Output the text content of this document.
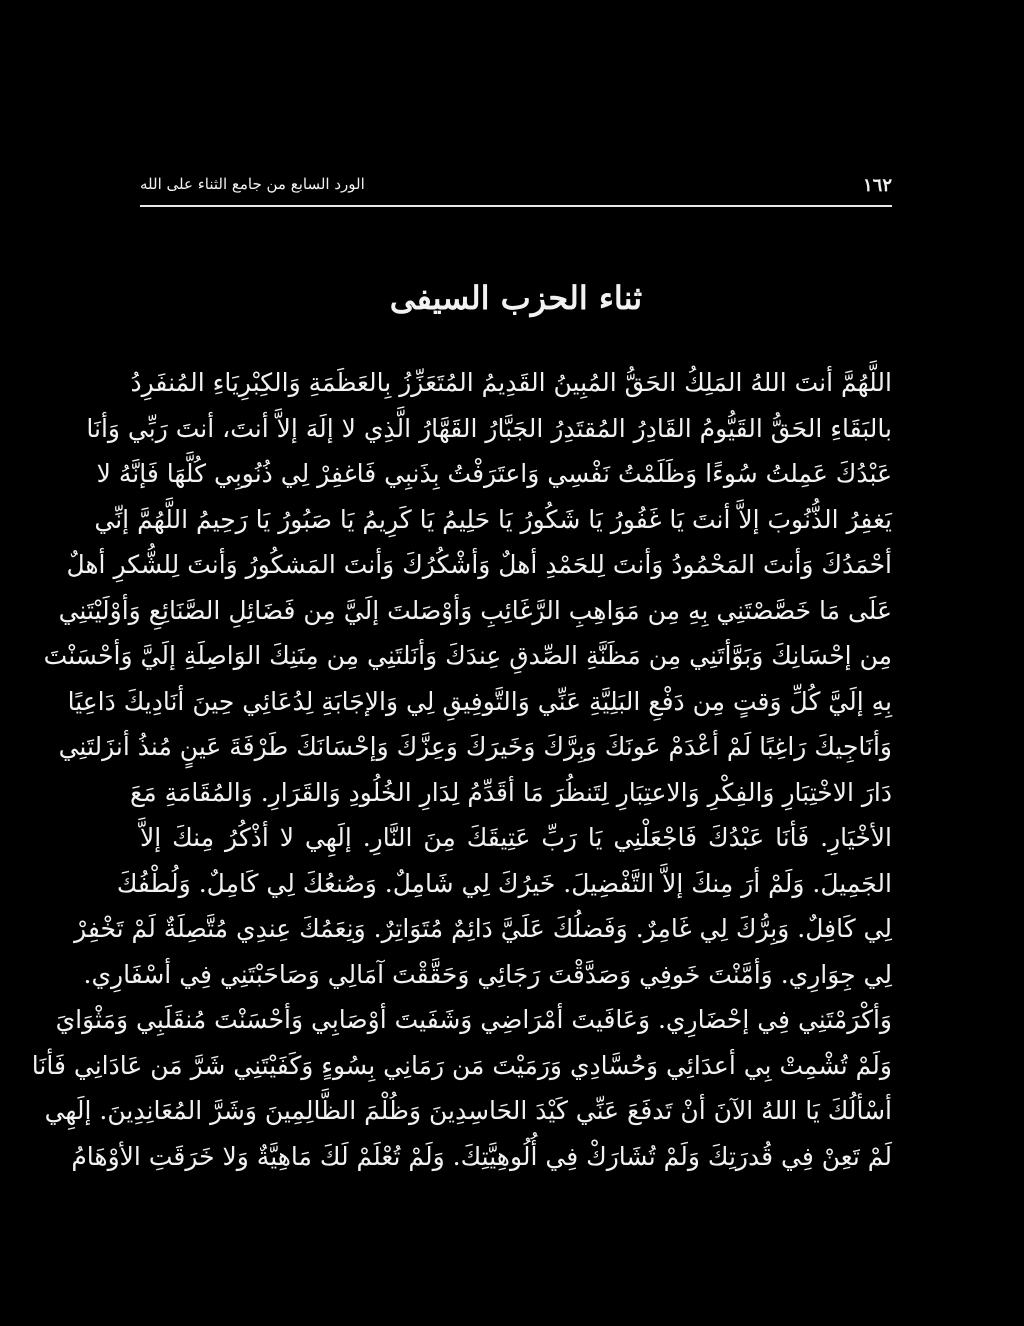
الورد السابع من جامع الثناء على الله	١٦٢
ثناء الحزب السيفى
اللَّهُمَّ أنتَ اللهُ المَلِكُ الحَقُّ المُبِينُ القَدِيمُ المُتَعَزِّزُ بِالعَظَمَةِ وَالكِبْرِيَاءِ المُنفَرِدُ
بالبَقَاءِ الحَقُّ القَيُّومُ القَادِرُ المُقتَدِرُ الجَبَّارُ القَهَّارُ الَّذِي لا إلَهَ إلاَّ أنتَ، أنتَ رَبِّي وَأنَا
عَبْدُكَ عَمِلتُ سُوءًا وَظَلَمْتُ نَفْسِي وَاعتَرَفْتُ بِذَنبِي فَاغفِرْ لِي ذُنُوبِي كُلَّهَا فَإنَّهُ لا
يَغفِرُ الذُّنُوبَ إلاَّ أنتَ يَا غَفُورُ يَا شَكُورُ يَا حَلِيمُ يَا كَرِيمُ يَا صَبُورُ يَا رَحِيمُ اللَّهُمَّ إنِّي
أحْمَدُكَ وَأنتَ المَحْمُودُ وَأنتَ لِلحَمْدِ أهلٌ وَأشْكُرُكَ وَأنتَ المَشكُورُ وَأنتَ لِلشُّكرِ أهلٌ
عَلَى مَا خَصَّصْتَنِي بِهِ مِن مَوَاهِبِ الرَّغَائِبِ وَأوْصَلتَ إلَيَّ مِن فَضَائِلِ الصَّنَائِعِ وَأوْلَيْتَنِي
مِن إحْسَانِكَ وَبَوَّأتَنِي مِن مَظَنَّةِ الصِّدقِ عِندَكَ وَأنَلتَنِي مِن مِنَنِكَ الوَاصِلَةِ إلَيَّ وَأحْسَنْتَ
بِهِ إلَيَّ كُلِّ وَقتٍ مِن دَفْعِ البَلِيَّةِ عَنِّي وَالتَّوفِيقِ لِي وَالإجَابَةِ لِدُعَائِي حِينَ أنَادِيكَ دَاعِيًا
وَأنَاجِيكَ رَاغِبًا لَمْ أعْدَمْ عَونَكَ وَبِرَّكَ وَخَيرَكَ وَعِزَّكَ وَإحْسَانَكَ طَرْفَةَ عَينٍ مُنذُ أنزَلتَنِي
دَارَ الاخْتِبَارِ وَالفِكْرِ وَالاعتِبَارِ لِتَنظُرَ مَا أقَدِّمُ لِدَارِ الخُلُودِ وَالقَرَارِ. وَالمُقَامَةِ مَعَ
الأخْيَارِ. فَأنَا عَبْدُكَ فَاجْعَلْنِي يَا رَبِّ عَتِيقَكَ مِنَ النَّارِ. إلَهِي لا أذْكُرُ مِنكَ إلاَّ
الجَمِيلَ. وَلَمْ أرَ مِنكَ إلاَّ التَّفْضِيلَ. خَيرُكَ لِي شَامِلٌ. وَصُنعُكَ لِي كَامِلٌ. وَلُطْفُكَ
لِي كَافِلٌ. وَبِرُّكَ لِي غَامِرٌ. وَفَضلُكَ عَلَيَّ دَائِمٌ مُتَوَاتِرٌ. وَنِعَمُكَ عِندِي مُتَّصِلَةٌ لَمْ تَخْفِرْ
لِي جِوَارِي. وَأمَّنْتَ خَوفِي وَصَدَّقْتَ رَجَائِي وَحَقَّقْتَ آمَالِي وَصَاحَبْتَنِي فِي أسْفَارِي.
وَأكْرَمْتَنِي فِي إحْضَارِي. وَعَافَيتَ أمْرَاضِي وَشَفَيتَ أوْصَابِي وَأحْسَنْتَ مُنقَلَبِي وَمَثْوَايَ
وَلَمْ تُشْمِتْ بِي أعدَائِي وَحُسَّادِي وَرَمَيْتَ مَن رَمَانِي بِسُوءٍ وَكَفَيْتَنِي شَرَّ مَن عَادَانِي فَأنَا
أسْألُكَ يَا اللهُ الآنَ أنْ تَدفَعَ عَنِّي كَيْدَ الحَاسِدِينَ وَظُلْمَ الظَّالِمِينَ وَشَرَّ المُعَانِدِينَ. إلَهِي
لَمْ تَعِنْ فِي قُدرَتِكَ وَلَمْ تُشَارَكْ فِي أُلُوهِيَّتِكَ. وَلَمْ تُعْلَمْ لَكَ مَاهِيَّةٌ وَلا خَرَقَتِ الأوْهَامُ
